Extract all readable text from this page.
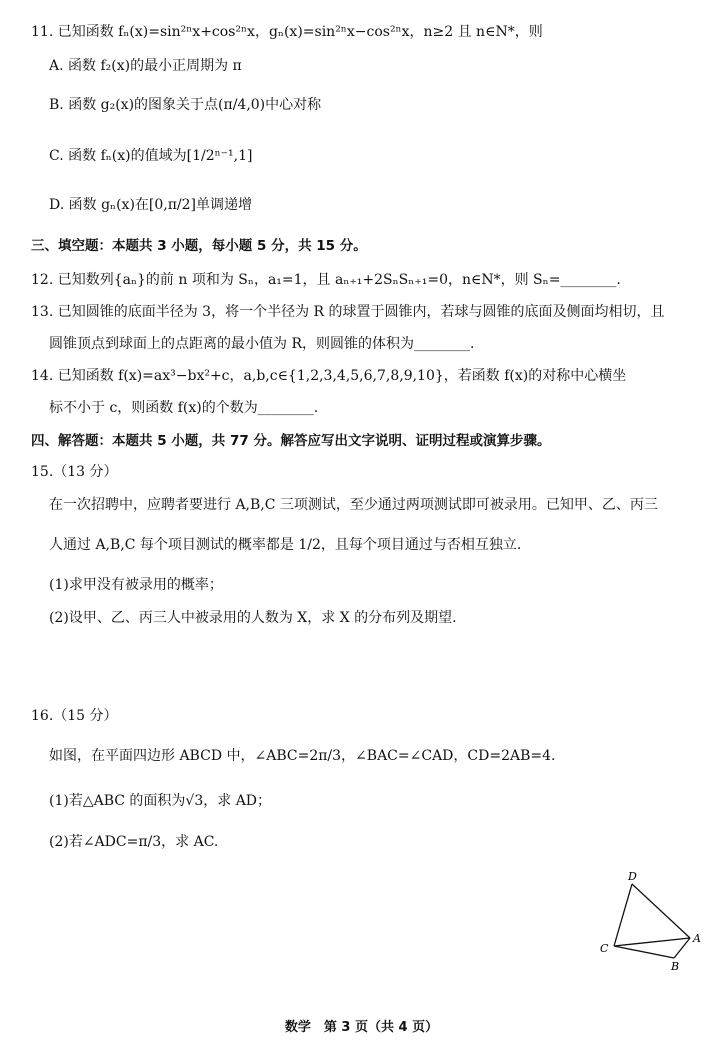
11. 已知函数 fₙ(x)=sin²ⁿx+cos²ⁿx，gₙ(x)=sin²ⁿx−cos²ⁿx，n≥2 且 n∈N*，则
A. 函数 f₂(x)的最小正周期为 π
B. 函数 g₂(x)的图象关于点(π/4,0)中心对称
C. 函数 fₙ(x)的值域为[1/2ⁿ⁻¹,1]
D. 函数 gₙ(x)在[0,π/2]单调递增
三、填空题：本题共 3 小题，每小题 5 分，共 15 分。
12. 已知数列{aₙ}的前 n 项和为 Sₙ，a₁=1，且 aₙ₊₁+2SₙSₙ₊₁=0，n∈N*，则 Sₙ=________.
13. 已知圆锥的底面半径为 3，将一个半径为 R 的球置于圆锥内，若球与圆锥的底面及侧面均相切，且
圆锥顶点到球面上的点距离的最小值为 R，则圆锥的体积为________.
14. 已知函数 f(x)=ax³−bx²+c，a,b,c∈{1,2,3,4,5,6,7,8,9,10}，若函数 f(x)的对称中心横坐
标不小于 c，则函数 f(x)的个数为________.
四、解答题：本题共 5 小题，共 77 分。解答应写出文字说明、证明过程或演算步骤。
15.（13 分）
在一次招聘中，应聘者要进行 A,B,C 三项测试，至少通过两项测试即可被录用。已知甲、乙、丙三
人通过 A,B,C 每个项目测试的概率都是 1/2，且每个项目通过与否相互独立.
(1)求甲没有被录用的概率；
(2)设甲、乙、丙三人中被录用的人数为 X，求 X 的分布列及期望.
16.（15 分）
如图，在平面四边形 ABCD 中，∠ABC=2π/3，∠BAC=∠CAD，CD=2AB=4.
(1)若△ABC 的面积为√3，求 AD；
(2)若∠ADC=π/3，求 AC.
D
C
A
B
数学　第 3 页（共 4 页）
